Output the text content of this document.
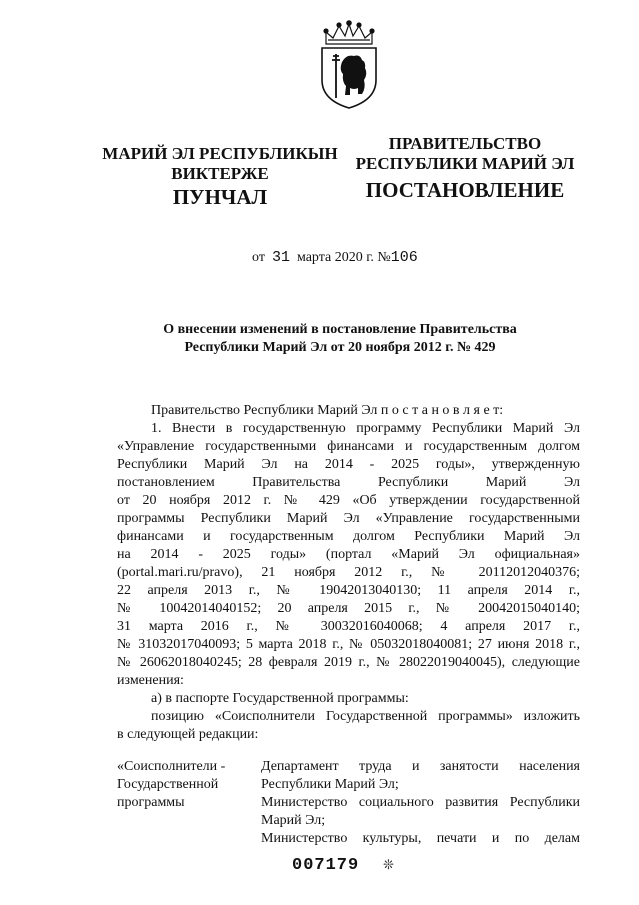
МАРИЙ ЭЛ РЕСПУБЛИКЫН
ВИКТЕРЖЕ
ПУНЧАЛ
ПРАВИТЕЛЬСТВО
РЕСПУБЛИКИ МАРИЙ ЭЛ
ПОСТАНОВЛЕНИЕ
от 31 марта 2020 г. №106
О внесении изменений в постановление Правительства
Республики Марий Эл от 20 ноября 2012 г. № 429

Правительство Республики Марий Эл п о с т а н о в л я е т:

1. Внести в государственную программу Республики Марий Эл

«Управление государственными финансами и государственным долгом

Республики Марий Эл на 2014 - 2025 годы», утвержденную

постановлением Правительства Республики Марий Эл

от 20 ноября 2012 г. № 429 «Об утверждении государственной

программы Республики Марий Эл «Управление государственными

финансами и государственным долгом Республики Марий Эл

на 2014 - 2025 годы» (портал «Марий Эл официальная»

(portal.mari.ru/pravo), 21 ноября 2012 г., № 20112012040376;

22 апреля 2013 г., № 19042013040130; 11 апреля 2014 г.,

№ 10042014040152; 20 апреля 2015 г., № 20042015040140;

31 марта 2016 г., № 30032016040068; 4 апреля 2017 г.,

№ 31032017040093; 5 марта 2018 г., № 05032018040081; 27 июня 2018 г.,

№ 26062018040245; 28 февраля 2019 г., № 28022019040045), следующие

изменения:

а) в паспорте Государственной программы:

позицию «Соисполнители Государственной программы» изложить

в следующей редакции:

«Соисполнители -
Государственной
программы

Департамент труда и занятости населения

Республики Марий Эл;

Министерство социального развития Республики

Марий Эл;

Министерство культуры, печати и по делам

007179 ❊
